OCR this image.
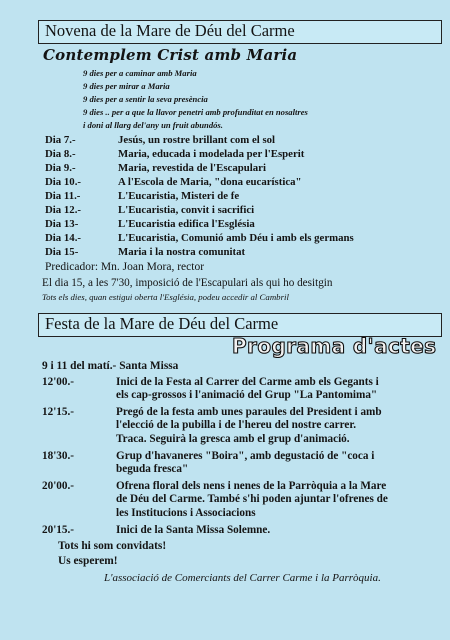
Novena de la Mare de Déu del Carme
Contemplem Crist amb Maria
9 dies per a caminar amb Maria
9 dies per mirar a Maria
9 dies per a sentir la seva presència
9 dies .. per a que la llavor penetri amb profunditat en nosaltres
i doni al llarg del'any un fruit abundós.
Dia 7.-	Jesús, un rostre brillant com el sol
Dia 8.-	Maria, educada i modelada per l'Esperit
Dia 9.-	Maria, revestida de l'Escapulari
Dia 10.-	A l'Escola de Maria, "dona eucarística"
Dia 11.-	L'Eucaristia, Misteri de fe
Dia 12.-	L'Eucaristia, convit i sacrifici
Dia 13-	L'Eucaristia edifica l'Església
Dia 14.-	L'Eucaristia, Comunió amb Déu i amb els germans
Dia 15-	Maria i la nostra comunitat
Predicador: Mn. Joan Mora, rector
El dia 15, a les 7'30, imposició de l'Escapulari als qui ho desitgin
Tots els dies, quan estigui oberta l'Església, podeu accedir al Cambril
Festa de la Mare de Déu del Carme
Programa d'actes
9 i 11 del matí.- Santa Missa
12'00.-	Inici de la Festa al Carrer del Carme amb els Gegants i
els cap-grossos i l'animació del Grup "La Pantomima"
12'15.-	Pregó de la festa amb unes paraules del President i amb
l'elecció de la pubilla i de l'hereu del nostre carrer.
Traca. Seguirà la gresca amb el grup d'animació.
18'30.-	Grup d'havaneres "Boira", amb degustació de "coca i
beguda fresca"
20'00.-	Ofrena floral dels nens i nenes de la Parròquia a la Mare
de Déu del Carme. També s'hi poden ajuntar l'ofrenes de
les Institucions i Associacions
20'15.-	Inici de la Santa Missa Solemne.
Tots hi som convidats!
Us esperem!
L'associació de Comerciants del Carrer Carme i la Parròquia.
